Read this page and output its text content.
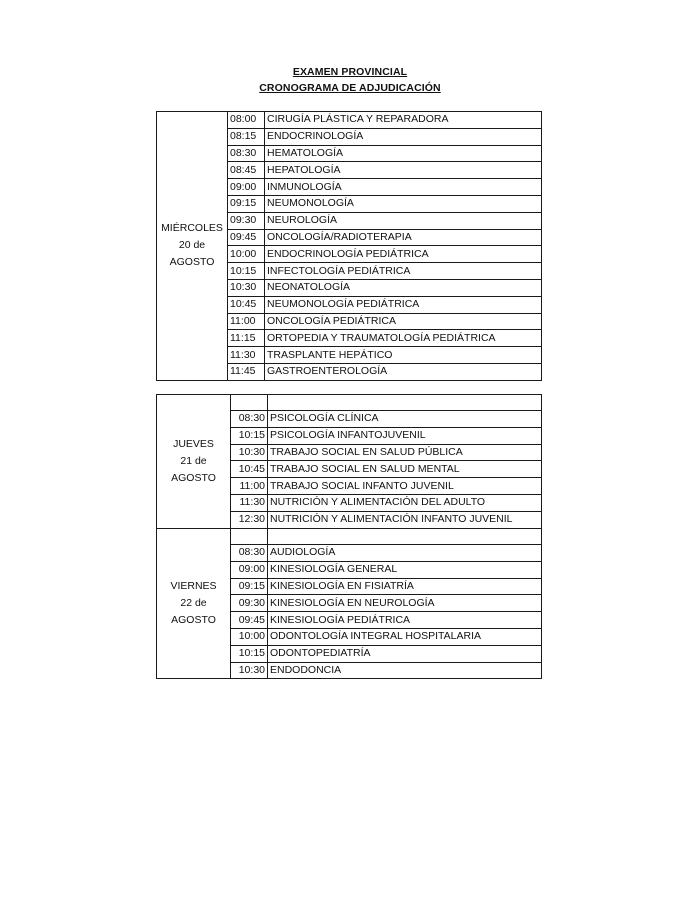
EXAMEN PROVINCIAL
CRONOGRAMA DE ADJUDICACIÓN
MIÉRCOLES
20 de
AGOSTO	08:00	CIRUGÍA PLÁSTICA Y REPARADORA
	08:15	ENDOCRINOLOGÍA
	08:30	HEMATOLOGÍA
	08:45	HEPATOLOGÍA
	09:00	INMUNOLOGÍA
	09:15	NEUMONOLOGÍA
	09:30	NEUROLOGÍA
	09:45	ONCOLOGÍA/RADIOTERAPIA
	10:00	ENDOCRINOLOGÍA PEDIÁTRICA
	10:15	INFECTOLOGÍA PEDIÁTRICA
	10:30	NEONATOLOGÍA
	10:45	NEUMONOLOGÍA PEDIÁTRICA
	11:00	ONCOLOGÍA PEDIÁTRICA
	11:15	ORTOPEDIA Y TRAUMATOLOGÍA PEDIÁTRICA
	11:30	TRASPLANTE HEPÁTICO
	11:45	GASTROENTEROLOGÍA
JUEVES
21 de
AGOSTO		

	08:30	PSICOLOGÍA CLÍNICA
	10:15	PSICOLOGÍA INFANTOJUVENIL
	10:30	TRABAJO SOCIAL EN SALUD PÚBLICA
	10:45	TRABAJO SOCIAL EN SALUD MENTAL
	11:00	TRABAJO SOCIAL INFANTO JUVENIL
	11:30	NUTRICIÓN Y ALIMENTACIÓN DEL ADULTO
	12:30	NUTRICIÓN Y ALIMENTACIÓN INFANTO JUVENIL
VIERNES
22 de
AGOSTO		

	08:30	AUDIOLOGÍA
	09:00	KINESIOLOGÍA GENERAL
	09:15	KINESIOLOGÍA EN FISIATRÍA
	09:30	KINESIOLOGÍA EN NEUROLOGÍA
	09:45	KINESIOLOGÍA PEDIÁTRICA
	10:00	ODONTOLOGÍA INTEGRAL HOSPITALARIA
	10:15	ODONTOPEDIATRÍA
	10:30	ENDODONCIA
